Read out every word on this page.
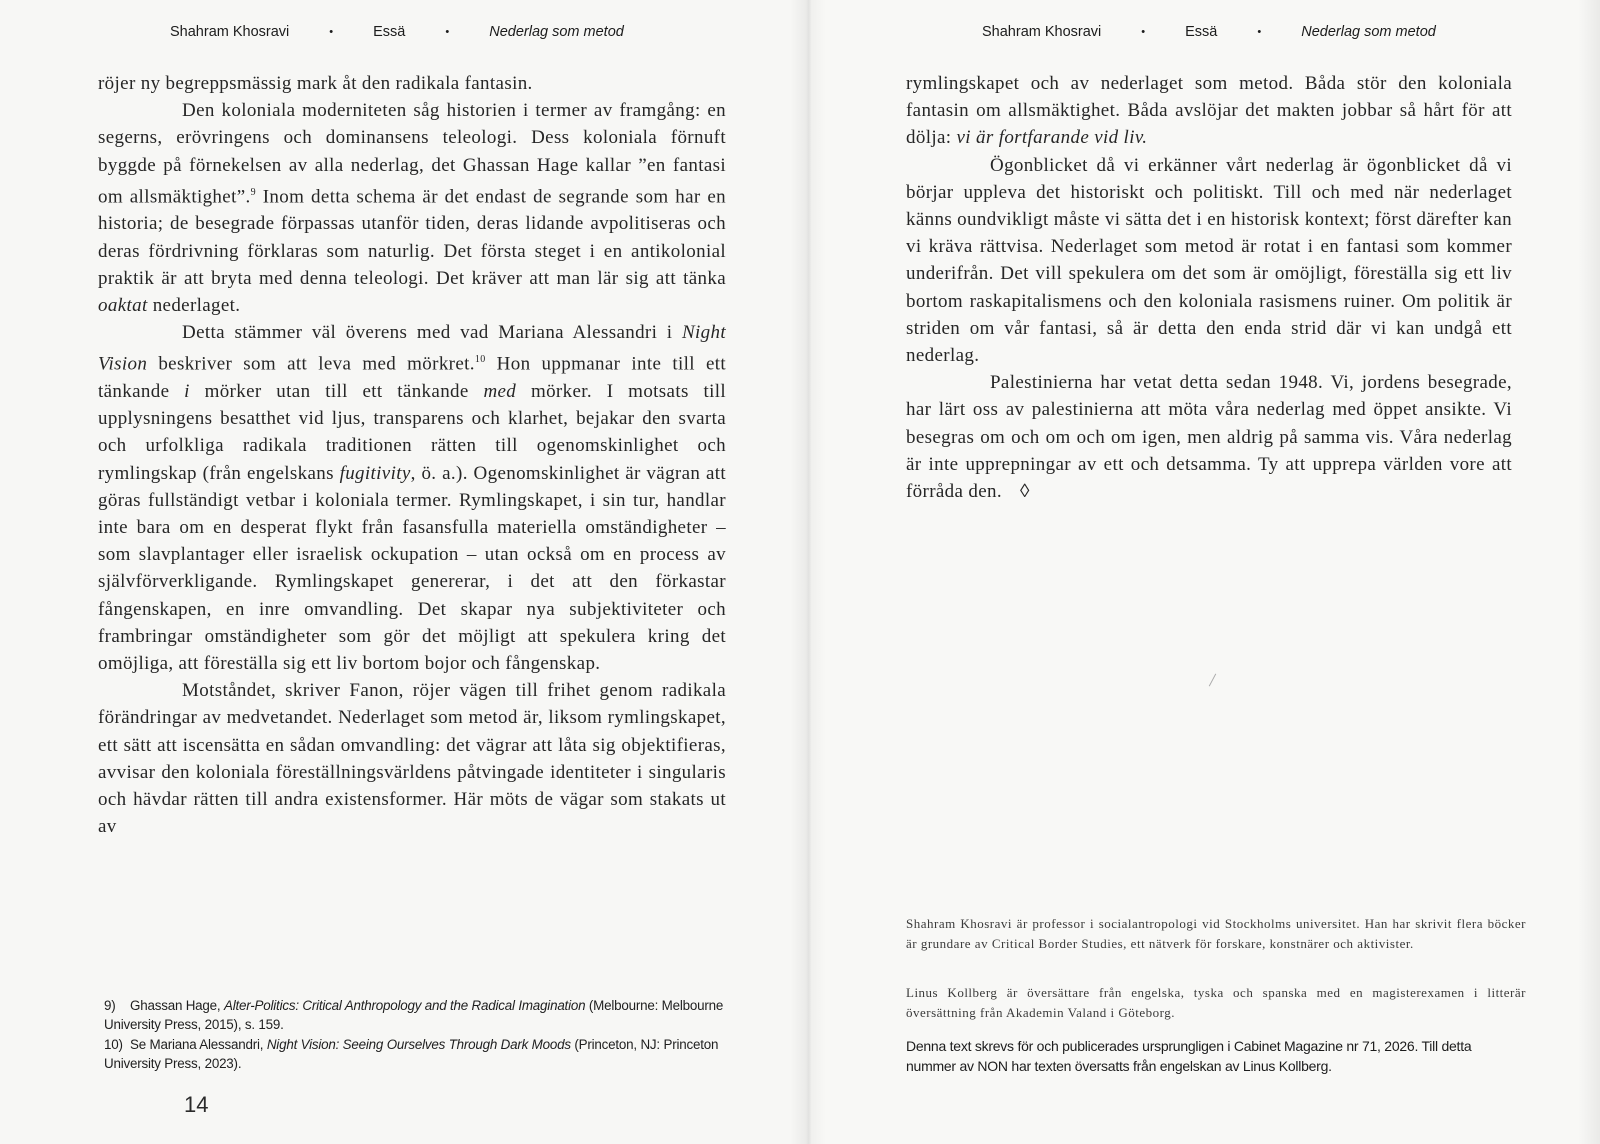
Shahram Khosravi	•	Essä	•	Nederlag som metod

röjer ny begreppsmässig mark åt den radikala fantasin.

Den koloniala moderniteten såg historien i termer av framgång: en segerns, erövringens och dominansens teleologi. Dess koloniala förnuft byggde på förnekelsen av alla nederlag, det Ghassan Hage kallar ”en fantasi om allsmäktighet”.$^9$ Inom detta schema är det endast de segrande som har en historia; de besegrade förpassas utanför tiden, deras lidande avpolitiseras och deras fördrivning förklaras som naturlig. Det första steget i en antikolonial praktik är att bryta med denna teleologi. Det kräver att man lär sig att tänka oaktat nederlaget.

Detta stämmer väl överens med vad Mariana Alessandri i Night Vision beskriver som att leva med mörkret.$^{10}$ Hon uppmanar inte till ett tänkande i mörker utan till ett tänkande med mörker. I motsats till upplysningens besatthet vid ljus, transparens och klarhet, bejakar den svarta och urfolkliga radikala traditionen rätten till ogenomskinlighet och rymlingskap (från engelskans fugitivity, ö. a.). Ogenomskinlighet är vägran att göras fullständigt vetbar i koloniala termer. Rymlingskapet, i sin tur, handlar inte bara om en desperat flykt från fasansfulla materiella omständigheter – som slavplantager eller israelisk ockupation – utan också om en process av självförverkligande. Rymlingskapet genererar, i det att den förkastar fångenskapen, en inre omvandling. Det skapar nya subjektiviteter och frambringar omständigheter som gör det möjligt att spekulera kring det omöjliga, att föreställa sig ett liv bortom bojor och fångenskap.

Motståndet, skriver Fanon, röjer vägen till frihet genom radikala förändringar av medvetandet. Nederlaget som metod är, liksom rymlingskapet, ett sätt att iscensätta en sådan omvandling: det vägrar att låta sig objektifieras, avvisar den koloniala föreställningsvärldens påtvingade identiteter i singularis och hävdar rätten till andra existensformer. Här möts de vägar som stakats ut av

9) Ghassan Hage, Alter-Politics: Critical Anthropology and the Radical Imagination (Melbourne: Melbourne University Press, 2015), s. 159.

10) Se Mariana Alessandri, Night Vision: Seeing Ourselves Through Dark Moods (Princeton, NJ: Princeton University Press, 2023).

14
Shahram Khosravi	•	Essä	•	Nederlag som metod

rymlingskapet och av nederlaget som metod. Båda stör den koloniala fantasin om allsmäktighet. Båda avslöjar det makten jobbar så hårt för att dölja: vi är fortfarande vid liv.

Ögonblicket då vi erkänner vårt nederlag är ögonblicket då vi börjar uppleva det historiskt och politiskt. Till och med när nederlaget känns oundvikligt måste vi sätta det i en historisk kontext; först därefter kan vi kräva rättvisa. Nederlaget som metod är rotat i en fantasi som kommer underifrån. Det vill spekulera om det som är omöjligt, föreställa sig ett liv bortom raskapitalismens och den koloniala rasismens ruiner. Om politik är striden om vår fantasi, så är detta den enda strid där vi kan undgå ett nederlag.

Palestinierna har vetat detta sedan 1948. Vi, jordens besegrade, har lärt oss av palestinierna att möta våra nederlag med öppet ansikte. Vi besegras om och om och om igen, men aldrig på samma vis. Våra nederlag är inte upprepningar av ett och detsamma. Ty att upprepa världen vore att förråda den. ◊

Shahram Khosravi är professor i socialantropologi vid Stockholms universitet. Han har skrivit flera böcker är grundare av Critical Border Studies, ett nätverk för forskare, konstnärer och aktivister.
Linus Kollberg är översättare från engelska, tyska och spanska med en magisterexamen i litterär översättning från Akademin Valand i Göteborg.
Denna text skrevs för och publicerades ursprungligen i Cabinet Magazine nr 71, 2026. Till detta nummer av NON har texten översatts från engelskan av Linus Kollberg.
